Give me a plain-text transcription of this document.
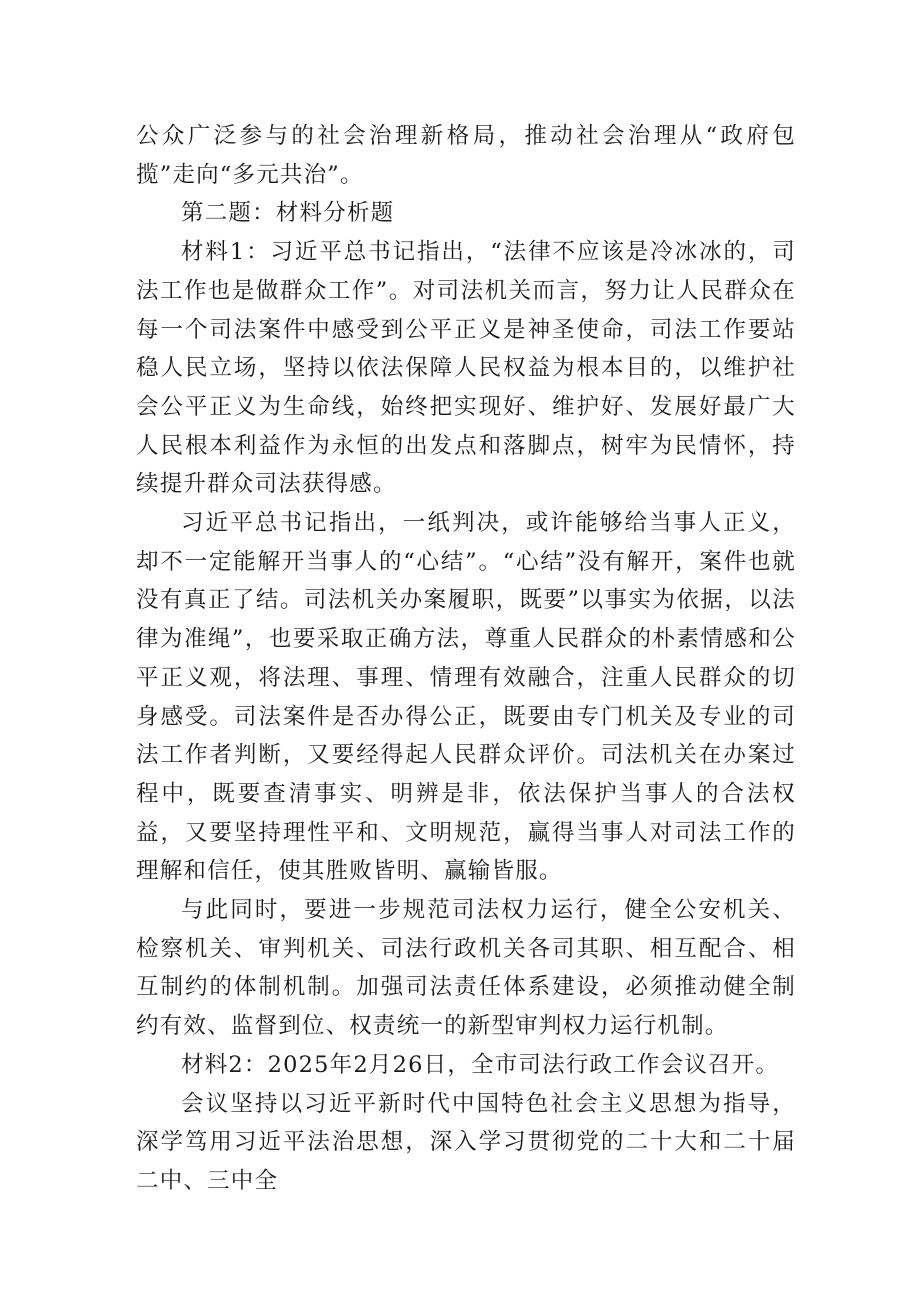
公众广泛参与的社会治理新格局，推动社会治理从“政府包揽”走向“多元共治”。

第二题：材料分析题

材料1：习近平总书记指出，“法律不应该是冷冰冰的，司法工作也是做群众工作”。对司法机关而言，努力让人民群众在每一个司法案件中感受到公平正义是神圣使命，司法工作要站稳人民立场，坚持以依法保障人民权益为根本目的，以维护社会公平正义为生命线，始终把实现好、维护好、发展好最广大人民根本利益作为永恒的出发点和落脚点，树牢为民情怀，持续提升群众司法获得感。

习近平总书记指出，一纸判决，或许能够给当事人正义，却不一定能解开当事人的“心结”。“心结”没有解开，案件也就没有真正了结。司法机关办案履职，既要”以事实为依据，以法律为准绳”，也要采取正确方法，尊重人民群众的朴素情感和公平正义观，将法理、事理、情理有效融合，注重人民群众的切身感受。司法案件是否办得公正，既要由专门机关及专业的司法工作者判断，又要经得起人民群众评价。司法机关在办案过程中，既要查清事实、明辨是非，依法保护当事人的合法权益，又要坚持理性平和、文明规范，赢得当事人对司法工作的理解和信任，使其胜败皆明、赢输皆服。

与此同时，要进一步规范司法权力运行，健全公安机关、检察机关、审判机关、司法行政机关各司其职、相互配合、相互制约的体制机制。加强司法责任体系建设，必须推动健全制约有效、监督到位、权责统一的新型审判权力运行机制。

材料2：2025年2月26日，全市司法行政工作会议召开。

会议坚持以习近平新时代中国特色社会主义思想为指导，深学笃用习近平法治思想，深入学习贯彻党的二十大和二十届二中、三中全
